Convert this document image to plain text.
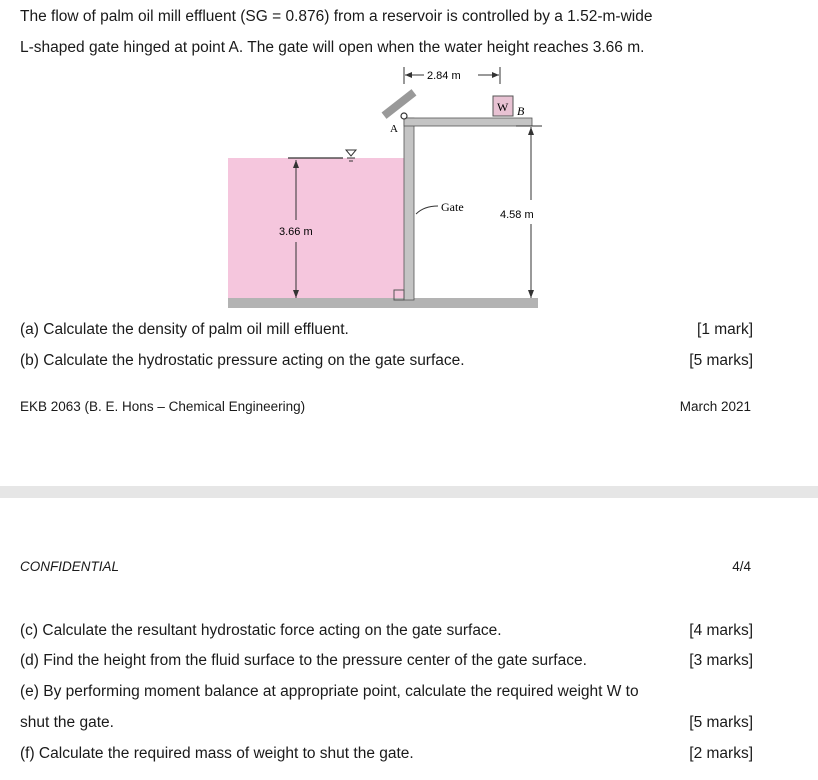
The flow of palm oil mill effluent (SG = 0.876) from a reservoir is controlled by a 1.52-m-wide
L-shaped gate hinged at point A. The gate will open when the water height reaches 3.66 m.
W B
A
2.84 m
3.66 m
4.58 m
Gate
(a) Calculate the density of palm oil mill effluent.	[1 mark]
(b) Calculate the hydrostatic pressure acting on the gate surface.	[5 marks]
EKB 2063 (B. E. Hons – Chemical Engineering)	March 2021
CONFIDENTIAL	4/4
(c) Calculate the resultant hydrostatic force acting on the gate surface.	[4 marks]
(d) Find the height from the fluid surface to the pressure center of the gate surface.	[3 marks]
(e) By performing moment balance at appropriate point, calculate the required weight W to
shut the gate.	[5 marks]
(f) Calculate the required mass of weight to shut the gate.	[2 marks]
